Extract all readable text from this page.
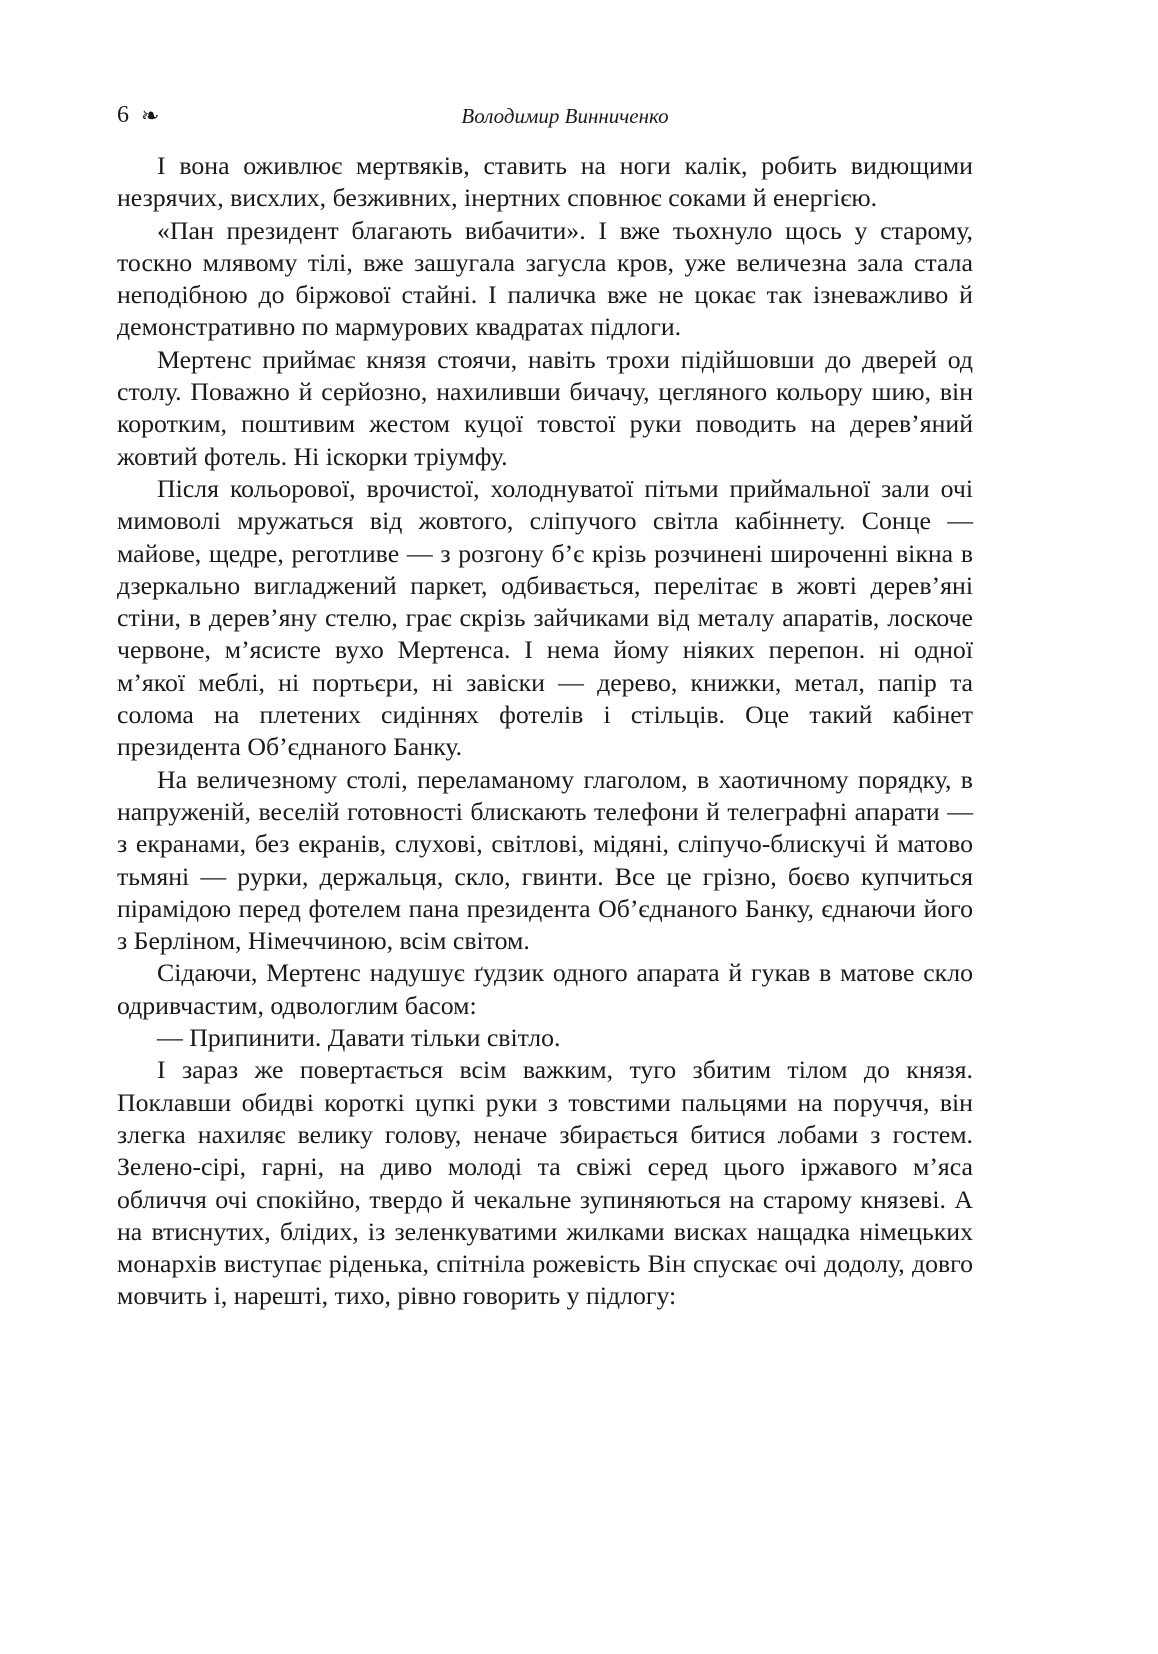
6 ❧	Володимир Винниченко

І вона оживлює мертвяків, ставить на ноги калік, робить видющими незрячих, висхлих, безживних, інертних сповнює соками й енергією.

«Пан президент благають вибачити». І вже тьохнуло щось у старому, тоскно млявому тілі, вже зашугала загусла кров, уже величезна зала стала неподібною до біржової стайні. І паличка вже не цокає так ізневажливо й демонстративно по мармурових квадратах підлоги.

Мертенс приймає князя стоячи, навіть трохи підійшовши до дверей од столу. Поважно й серйозно, нахиливши бичачу, цегляного кольору шию, він коротким, поштивим жестом куцої товстої руки поводить на дерев’яний жовтий фотель. Ні іскорки тріумфу.

Після кольорової, врочистої, холоднуватої пітьми приймальної зали очі мимоволі мружаться від жовтого, сліпучого світла кабіннету. Сонце — майове, щедре, реготливе — з розгону б’є крізь розчинені широченні вікна в дзеркально вигладжений паркет, одбивається, перелітає в жовті дерев’яні стіни, в дерев’яну стелю, грає скрізь зайчиками від металу апаратів, лоскоче червоне, м’ясисте вухо Мертенса. І нема йому ніяких перепон. ні одної м’якої меблі, ні портьєри, ні завіски — дерево, книжки, метал, папір та солома на плетених сидіннях фотелів і стільців. Оце такий кабінет президента Об’єднаного Банку.

На величезному столі, переламаному глаголом, в хаотичному порядку, в напруженій, веселій готовності блискають телефони й телеграфні апарати — з екранами, без екранів, слухові, світлові, мідяні, сліпучо-блискучі й матово тьмяні — рурки, держальця, скло, гвинти. Все це грізно, боєво купчиться пірамідою перед фотелем пана президента Об’єднаного Банку, єднаючи його з Берліном, Німеччиною, всім світом.

Сідаючи, Мертенс надушує ґудзик одного апарата й гукав в матове скло одривчастим, одвологлим басом:

— Припинити. Давати тільки світло.

І зараз же повертається всім важким, туго збитим тілом до князя. Поклавши обидві короткі цупкі руки з товстими пальцями на поруччя, він злегка нахиляє велику голову, неначе збирається битися лобами з гостем. Зелено-сірі, гарні, на диво молоді та свіжі серед цього іржавого м’яса обличчя очі спокійно, твердо й чекальне зупиняються на старому князеві. А на втиснутих, блідих, із зеленкуватими жилками висках нащадка німецьких монархів виступає ріденька, спітніла рожевість Він спускає очі додолу, довго мовчить і, нарешті, тихо, рівно говорить у підлогу:
